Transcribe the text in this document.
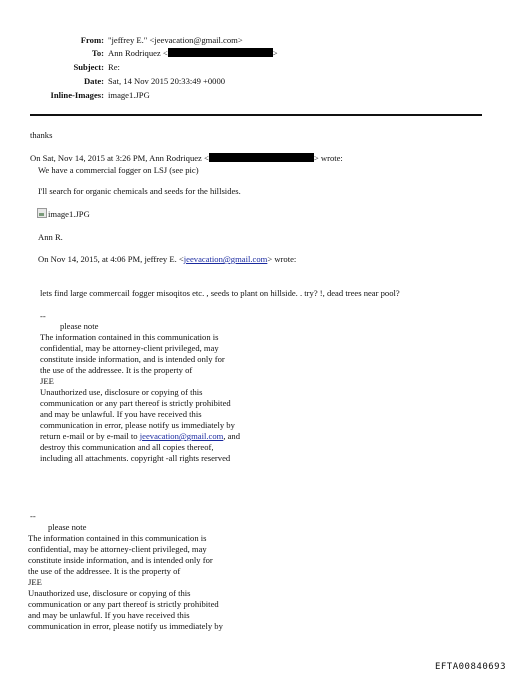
From: "jeffrey E." <jeevacation@gmail.com>
To: Ann Rodriquez <	>
Subject: Re:
Date: Sat, 14 Nov 2015 20:33:49 +0000
Inline-Images: image1.JPG
thanks
On Sat, Nov 14, 2015 at 3:26 PM, Ann Rodriquez <	> wrote:
We have a commercial fogger on LSJ (see pic)
I'll search for organic chemicals and seeds for the hillsides.
image1.JPG
Ann R.
On Nov 14, 2015, at 4:06 PM, jeffrey E. <jeevacation@gmail.com> wrote:
lets find large commercail fogger misoqitos etc. , seeds to plant on hillside. . try? !, dead trees near pool?
--
please note
The information contained in this communication is
confidential, may be attorney-client privileged, may
constitute inside information, and is intended only for
the use of the addressee. It is the property of
JEE
Unauthorized use, disclosure or copying of this
communication or any part thereof is strictly prohibited
and may be unlawful. If you have received this
communication in error, please notify us immediately by
return e-mail or by e-mail to jeevacation@gmail.com, and
destroy this communication and all copies thereof,
including all attachments. copyright -all rights reserved
--
please note
The information contained in this communication is
confidential, may be attorney-client privileged, may
constitute inside information, and is intended only for
the use of the addressee. It is the property of
JEE
Unauthorized use, disclosure or copying of this
communication or any part thereof is strictly prohibited
and may be unlawful. If you have received this
communication in error, please notify us immediately by
EFTA00840693
